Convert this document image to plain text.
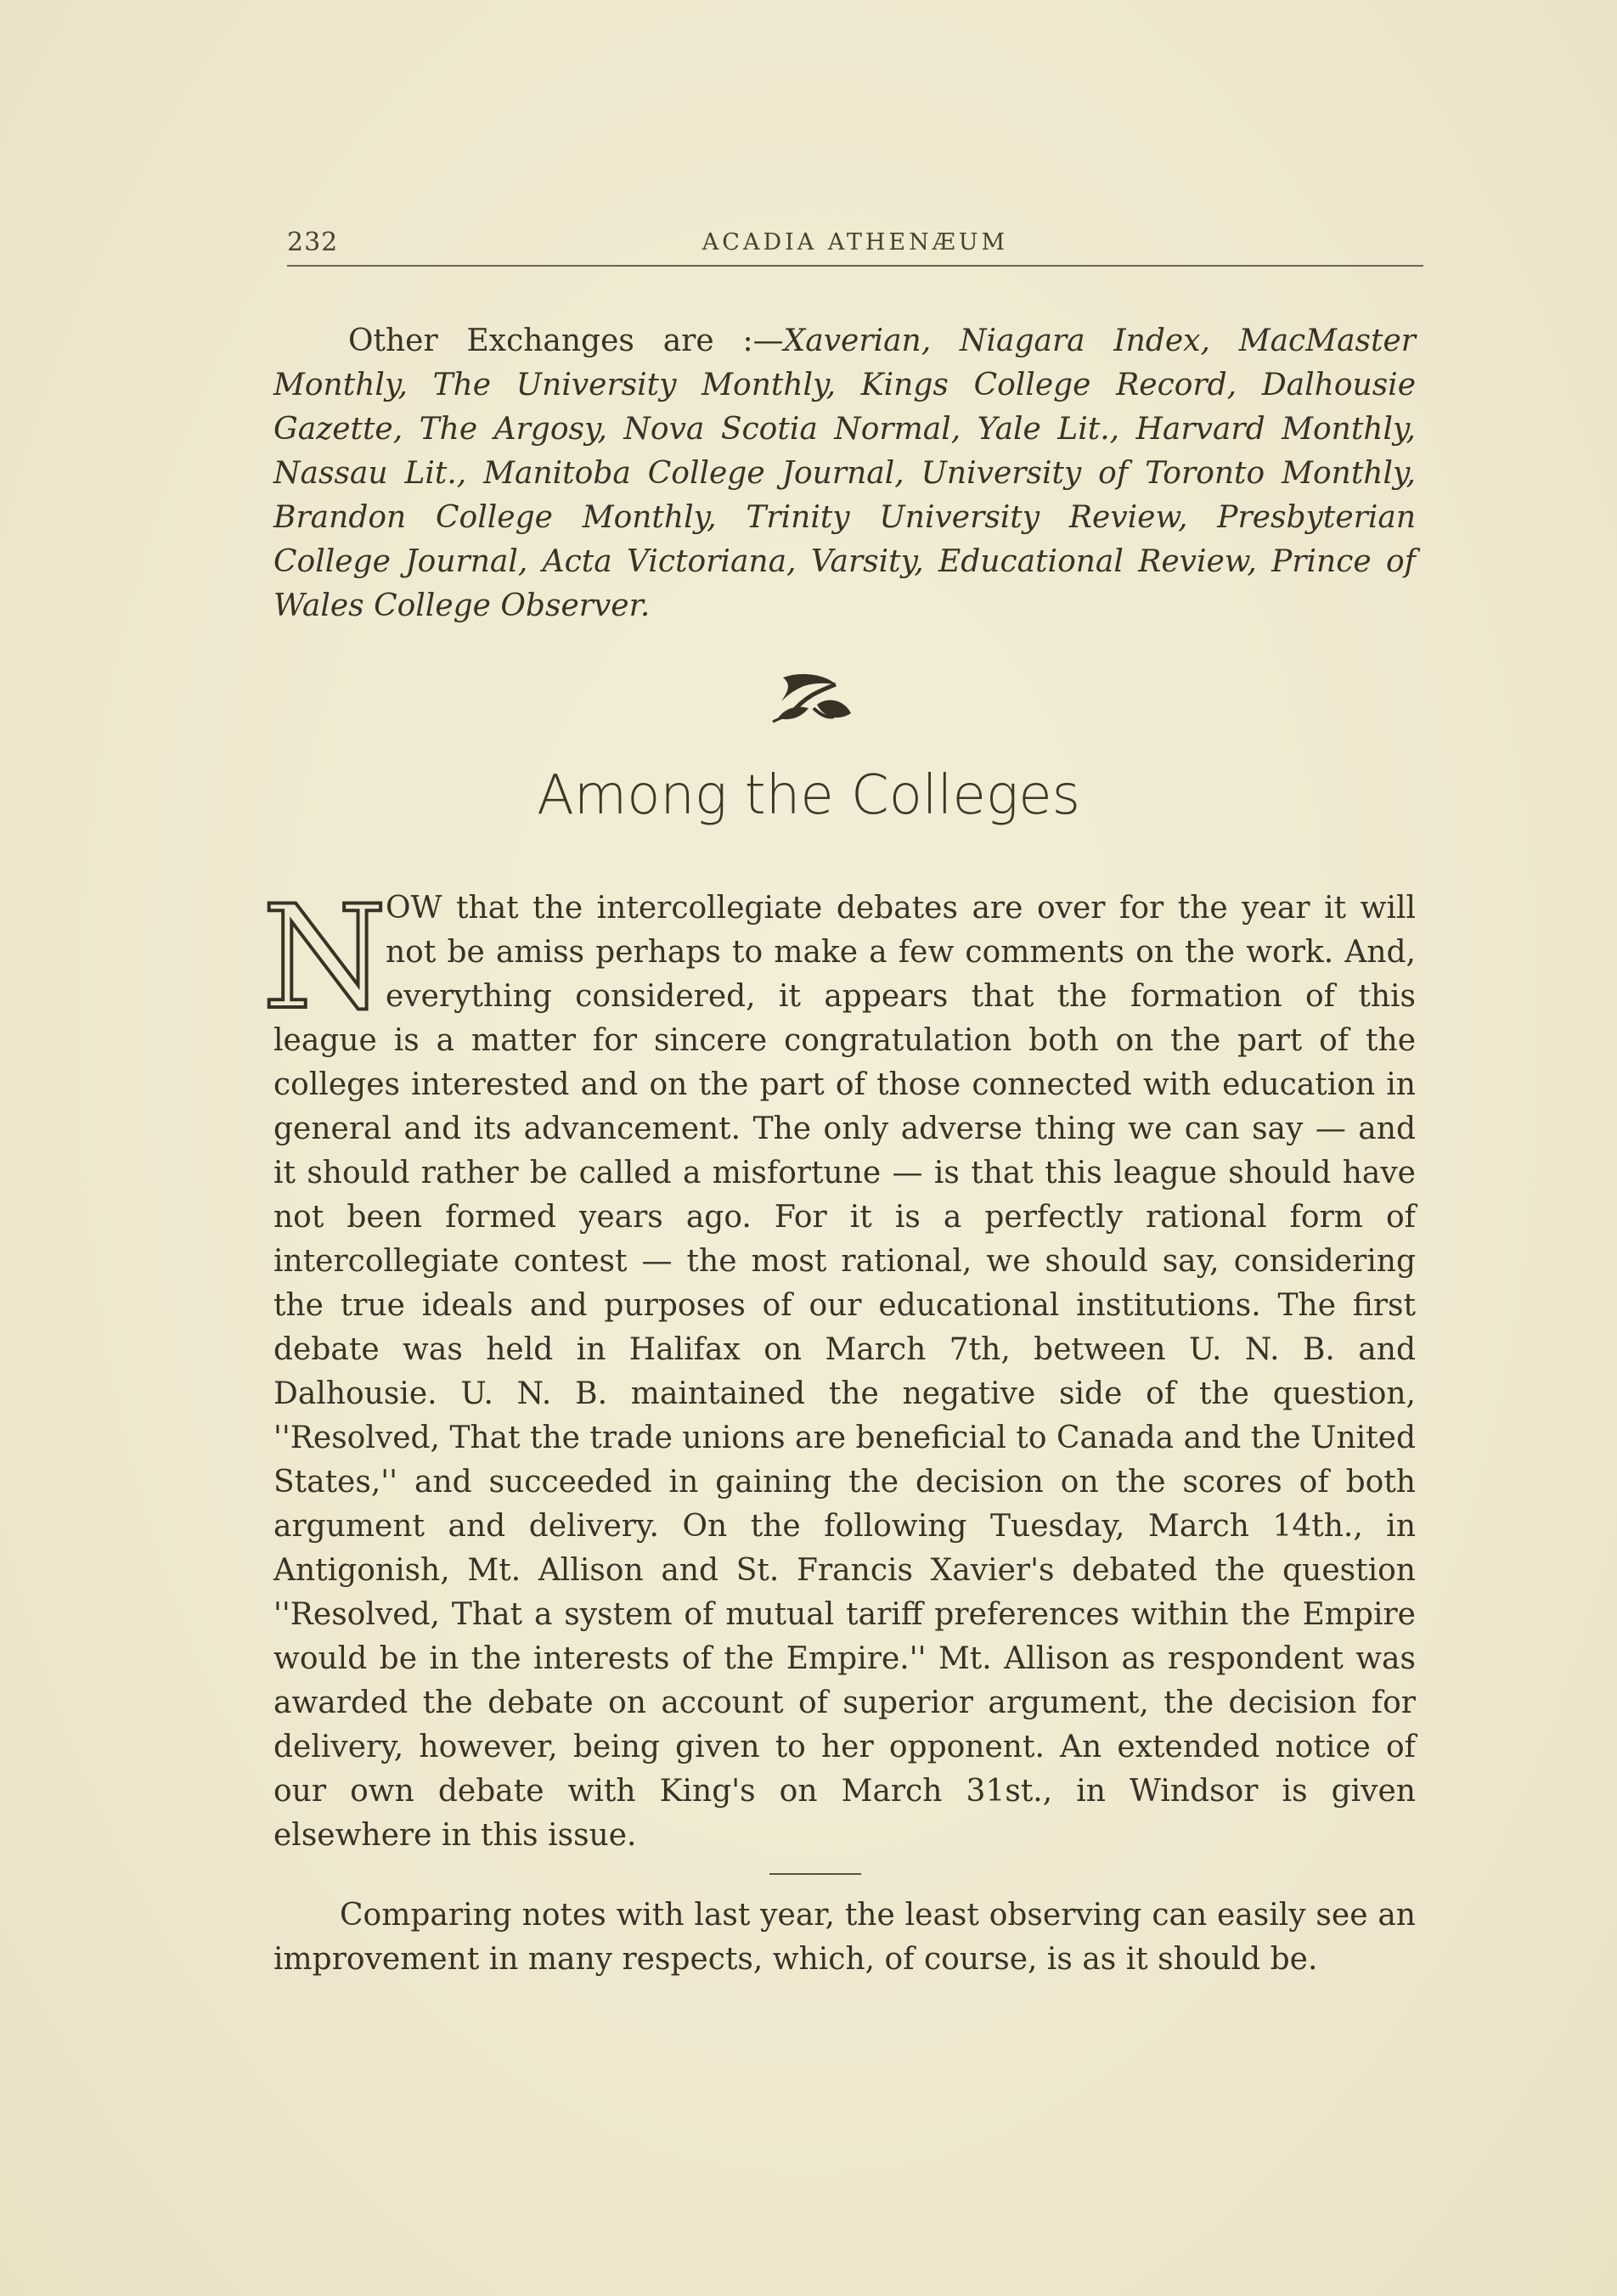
232	ACADIA ATHENÆUM

Other Exchanges are :—Xaverian, Niagara Index, MacMaster Monthly, The University Monthly, Kings College Record, Dalhousie Gazette, The Argosy, Nova Scotia Normal, Yale Lit., Harvard Monthly, Nassau Lit., Manitoba College Journal, University of Toronto Monthly, Brandon College Monthly, Trinity University Review, Presbyterian College Journal, Acta Victoriana, Varsity, Educational Review, Prince of Wales College Observer.

Among the Colleges
N
OW that the intercollegiate debates are over for the year it will not be amiss perhaps to make a few comments on the work. And, everything considered, it appears that the formation of this league is a matter for sincere congratulation both on the part of the colleges interested and on the part of those connected with education in general and its advancement. The only adverse thing we can say — and it should rather be called a misfortune — is that this league should have not been formed years ago. For it is a perfectly rational form of intercollegiate contest — the most rational, we should say, considering the true ideals and purposes of our educational institutions. The first debate was held in Halifax on March 7th, between U. N. B. and Dalhousie. U. N. B. maintained the negative side of the question, ''Resolved, That the trade unions are beneficial to Canada and the United States,'' and succeeded in gaining the decision on the scores of both argument and delivery. On the following Tuesday, March 14th., in Antigonish, Mt. Allison and St. Francis Xavier's debated the question ''Resolved, That a system of mutual tariff preferences within the Empire would be in the interests of the Empire.'' Mt. Allison as respondent was awarded the debate on account of superior argument, the decision for delivery, however, being given to her opponent. An extended notice of our own debate with King's on March 31st., in Windsor is given elsewhere in this issue.

Comparing notes with last year, the least observing can easily see an improvement in many respects, which, of course, is as it should be.
